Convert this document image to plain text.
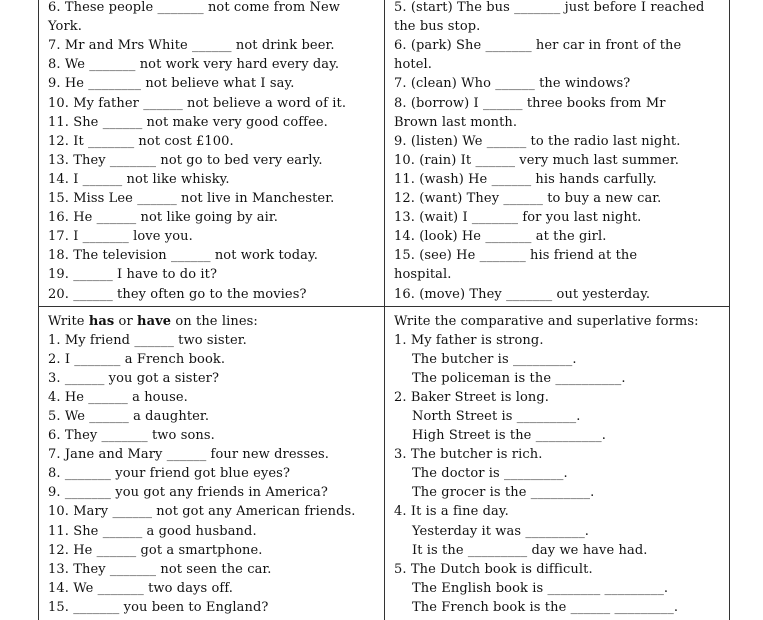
6. These people _______ not come from New
York.
7. Mr and Mrs White ______ not drink beer.
8. We _______ not work very hard every day.
9. He ________ not believe what I say.
10. My father ______ not believe a word of it.
11. She ______ not make very good coffee.
12. It _______ not cost £100.
13. They _______ not go to bed very early.
14. I ______ not like whisky.
15. Miss Lee ______ not live in Manchester.
16. He ______ not like going by air.
17. I _______ love you.
18. The television ______ not work today.
19. ______ I have to do it?
20. ______ they often go to the movies?
5. (start) The bus _______ just before I reached
the bus stop.
6. (park) She _______ her car in front of the
hotel.
7. (clean) Who ______ the windows?
8. (borrow) I ______ three books from Mr
Brown last month.
9. (listen) We ______ to the radio last night.
10. (rain) It ______ very much last summer.
11. (wash) He ______ his hands carfully.
12. (want) They ______ to buy a new car.
13. (wait) I _______ for you last night.
14. (look) He _______ at the girl.
15. (see) He _______ his friend at the
hospital.
16. (move) They _______ out yesterday.
Write has or have on the lines:
1. My friend ______ two sister.
2. I _______ a French book.
3. ______ you got a sister?
4. He ______ a house.
5. We ______ a daughter.
6. They _______ two sons.
7. Jane and Mary ______ four new dresses.
8. _______ your friend got blue eyes?
9. _______ you got any friends in America?
10. Mary ______ not got any American friends.
11. She ______ a good husband.
12. He ______ got a smartphone.
13. They _______ not seen the car.
14. We _______ two days off.
15. _______ you been to England?
Write the comparative and superlative forms:
1. My father is strong.
The butcher is _________.
The policeman is the __________.
2. Baker Street is long.
North Street is _________.
High Street is the __________.
3. The butcher is rich.
The doctor is _________.
The grocer is the _________.
4. It is a fine day.
Yesterday it was _________.
It is the _________ day we have had.
5. The Dutch book is difficult.
The English book is ________ _________.
The French book is the ______ _________.
